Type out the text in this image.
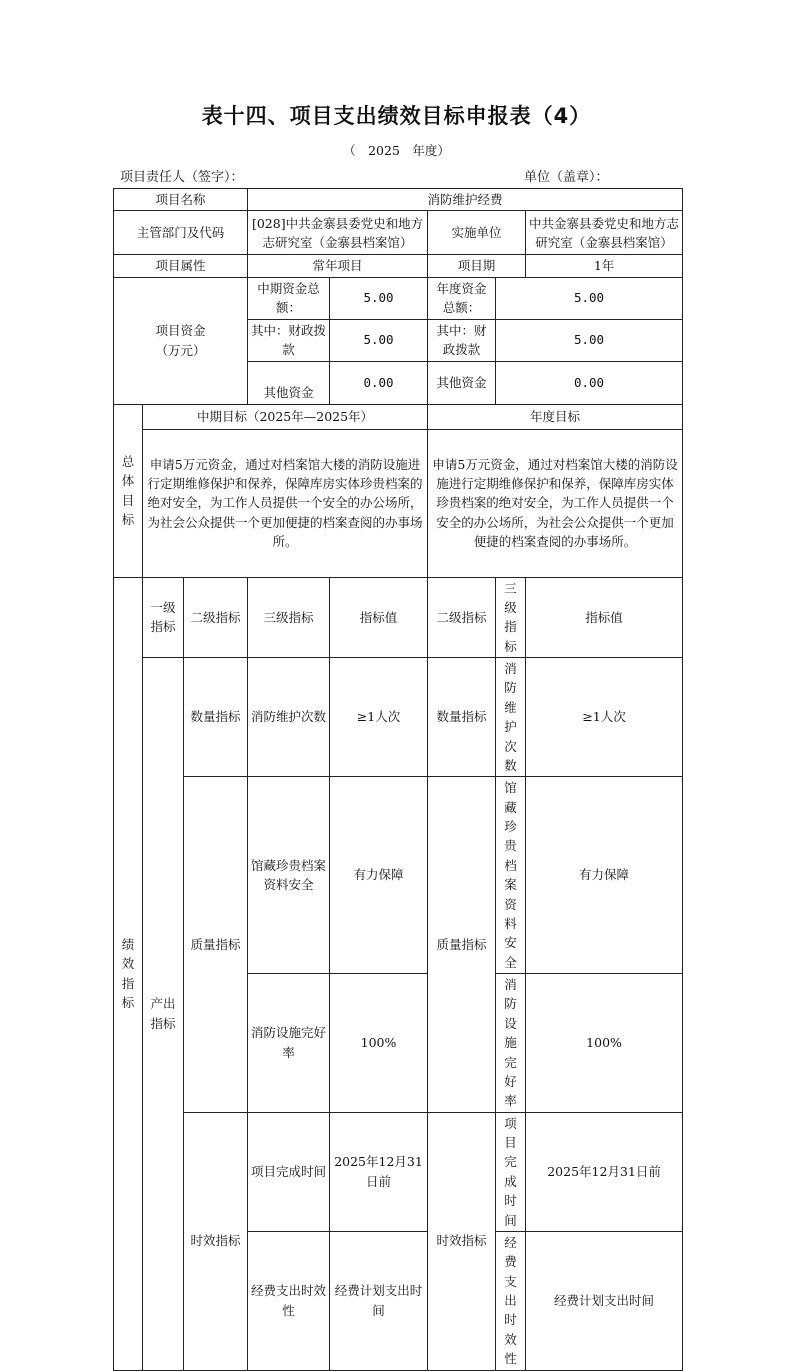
表十四、项目支出绩效目标申报表（4）
（　2025　年度）
项目责任人（签字）：	单位（盖章）：
项目名称			消防维护经费				
主管部门及代码			[028]中共金寨县委党史和地方志研究室（金寨县档案馆）		实施单位		中共金寨县委党史和地方志研究室（金寨县档案馆）
项目属性			常年项目		项目期		1年
项目资金（万元）			中期资金总额：	5.00	年度资金总额：	5.00	
			其中：财政拨款	5.00	其中：财政拨款	5.00	
			其他资金	0.00	其他资金	0.00	

总体目标	中期目标（2025年—2025年）				年度目标		
	申请5万元资金，通过对档案馆大楼的消防设施进行定期维修保护和保养，保障库房实体珍贵档案的绝对安全，为工作人员提供一个安全的办公场所，为社会公众提供一个更加便捷的档案查阅的办事场所。				申请5万元资金，通过对档案馆大楼的消防设施进行定期维修保护和保养，保障库房实体珍贵档案的绝对安全，为工作人员提供一个安全的办公场所，为社会公众提供一个更加便捷的档案查阅的办事场所。		

绩效指标	一级指标	二级指标	三级指标	指标值	二级指标	三级指标	指标值
	产出指标	数量指标	消防维护次数	≥1人次	数量指标	消防维护次数	≥1人次
		质量指标	馆藏珍贵档案资料安全	有力保障	质量指标	馆藏珍贵档案资料安全	有力保障
			消防设施完好率	100%		消防设施完好率	100%
		时效指标	项目完成时间	2025年12月31日前	时效指标	项目完成时间	2025年12月31日前
			经费支出时效性	经费计划支出时间		经费支出时效性	经费计划支出时间
